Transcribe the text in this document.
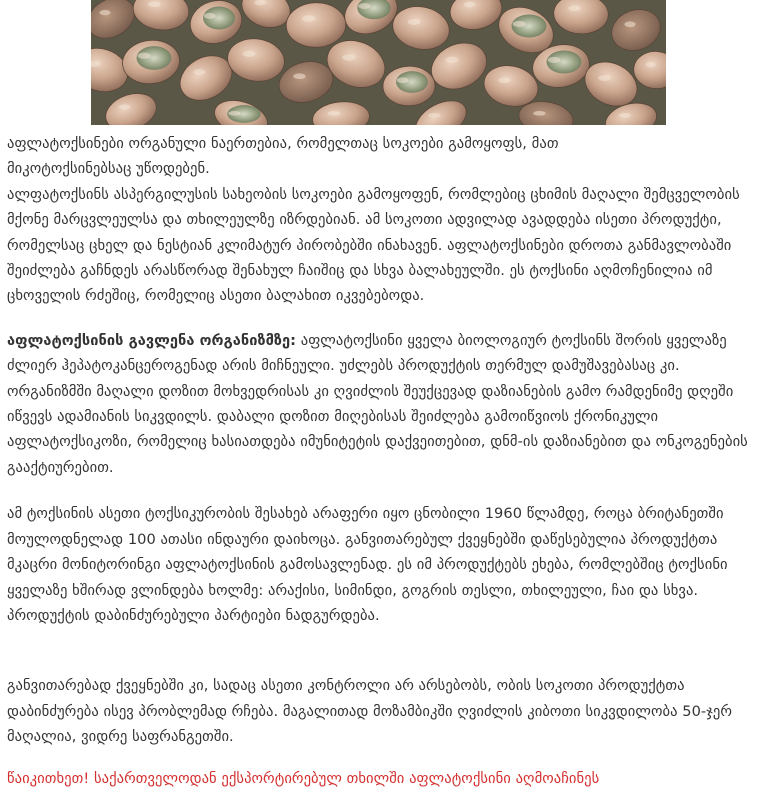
აფლატოქსინები ორგანული ნაერთებია, რომელთაც სოკოები გამოყოფს, მათ
მიკოტოქსინებსაც უწოდებენ.

ალფატოქსინს ასპერგილუსის სახეობის სოკოები გამოყოფენ, რომლებიც ცხიმის მაღალი შემცველობის მქონე მარცვლეულსა და თხილეულზე იზრდებიან. ამ სოკოთი ადვილად ავადდება ისეთი პროდუქტი, რომელსაც ცხელ და ნესტიან კლიმატურ პირობებში ინახავენ. აფლატოქსინები დროთა განმავლობაში შეიძლება გაჩნდეს არასწორად შენახულ ჩაიშიც და სხვა ბალახეულში. ეს ტოქსინი აღმოჩენილია იმ ცხოველის რძეშიც, რომელიც ასეთი ბალახით იკვებებოდა.

აფლატოქსინის გავლენა ორგანიზმზე: აფლატოქსინი ყველა ბიოლოგიურ ტოქსინს შორის ყველაზე ძლიერ ჰეპატოკანცეროგენად არის მიჩნეული. უძლებს პროდუქტის თერმულ დამუშავებასაც კი. ორგანიზმში მაღალი დოზით მოხვედრისას კი ღვიძლის შეუქცევად დაზიანების გამო რამდენიმე დღეში იწვევს ადამიანის სიკვდილს. დაბალი დოზით მიღებისას შეიძლება გამოიწვიოს ქრონიკული აფლატოქსიკოზი, რომელიც ხასიათდება იმუნიტეტის დაქვეითებით, დნმ-ის დაზიანებით და ონკოგენების გააქტიურებით.

ამ ტოქსინის ასეთი ტოქსიკურობის შესახებ არაფერი იყო ცნობილი 1960 წლამდე, როცა ბრიტანეთში მოულოდნელად 100 ათასი ინდაური დაიხოცა. განვითარებულ ქვეყნებში დაწესებულია პროდუქტთა მკაცრი მონიტორინგი აფლატოქსინის გამოსავლენად. ეს იმ პროდუქტებს ეხება, რომლებშიც ტოქსინი ყველაზე ხშირად ვლინდება ხოლმე: არაქისი, სიმინდი, გოგრის თესლი, თხილეული, ჩაი და სხვა. პროდუქტის დაბინძურებული პარტიები ნადგურდება.

განვითარებად ქვეყნებში კი, სადაც ასეთი კონტროლი არ არსებობს, ობის სოკოთი პროდუქტთა დაბინძურება ისევ პრობლემად რჩება. მაგალითად მოზამბიკში ღვიძლის კიბოთი სიკვდილობა 50-ჯერ მაღალია, ვიდრე საფრანგეთში.

წაიკითხეთ! საქართველოდან ექსპორტირებულ თხილში აფლატოქსინი აღმოაჩინეს
